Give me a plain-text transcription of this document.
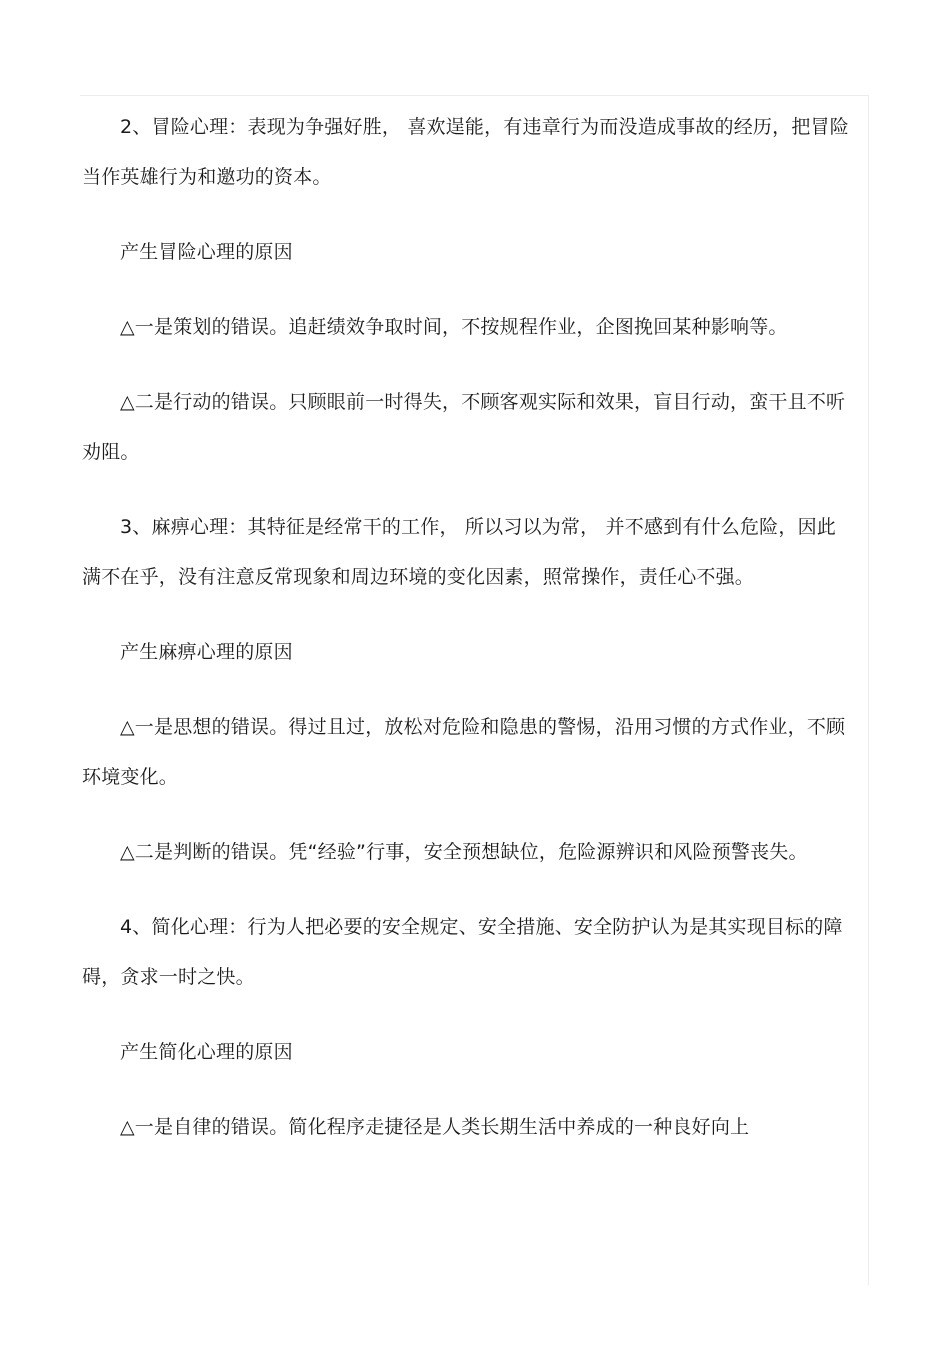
2、冒险心理：表现为争强好胜， 喜欢逞能，有违章行为而没造成事故的经历，把冒险当作英雄行为和邀功的资本。

产生冒险心理的原因

△一是策划的错误。追赶绩效争取时间，不按规程作业，企图挽回某种影响等。

△二是行动的错误。只顾眼前一时得失，不顾客观实际和效果，盲目行动，蛮干且不听劝阻。

3、麻痹心理：其特征是经常干的工作， 所以习以为常， 并不感到有什么危险，因此满不在乎，没有注意反常现象和周边环境的变化因素，照常操作，责任心不强。

产生麻痹心理的原因

△一是思想的错误。得过且过，放松对危险和隐患的警惕，沿用习惯的方式作业，不顾环境变化。

△二是判断的错误。凭“经验”行事，安全预想缺位，危险源辨识和风险预警丧失。

4、简化心理：行为人把必要的安全规定、安全措施、安全防护认为是其实现目标的障碍，贪求一时之快。

产生简化心理的原因

△一是自律的错误。简化程序走捷径是人类长期生活中养成的一种良好向上
